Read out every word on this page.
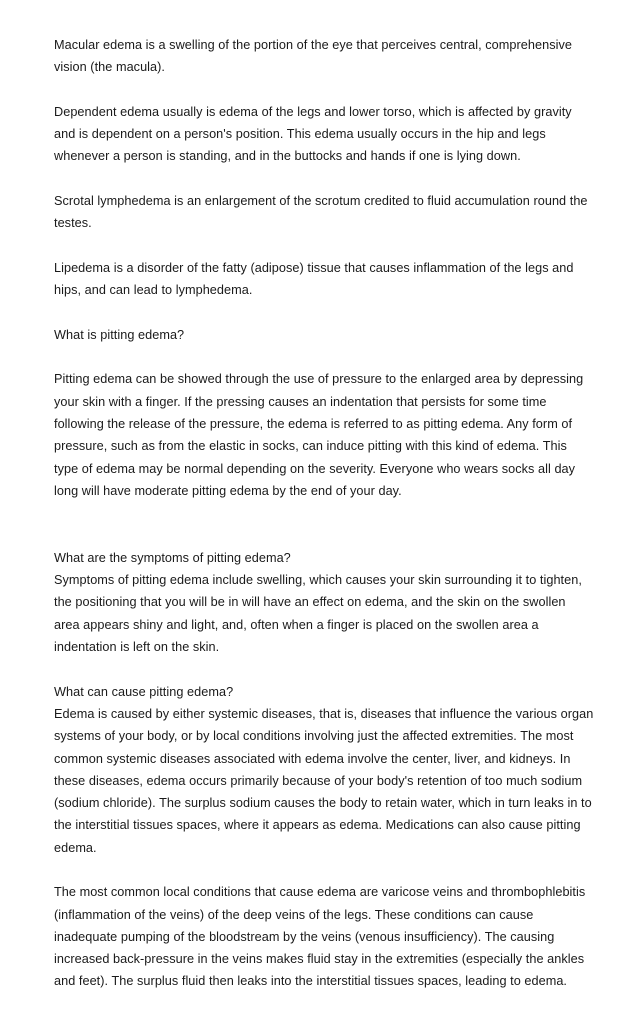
Macular edema is a swelling of the portion of the eye that perceives central, comprehensive vision (the macula).

Dependent edema usually is edema of the legs and lower torso, which is affected by gravity and is dependent on a person's position. This edema usually occurs in the hip and legs whenever a person is standing, and in the buttocks and hands if one is lying down.

Scrotal lymphedema is an enlargement of the scrotum credited to fluid accumulation round the testes.

Lipedema is a disorder of the fatty (adipose) tissue that causes inflammation of the legs and hips, and can lead to lymphedema.

What is pitting edema?

Pitting edema can be showed through the use of pressure to the enlarged area by depressing your skin with a finger. If the pressing causes an indentation that persists for some time following the release of the pressure, the edema is referred to as pitting edema. Any form of pressure, such as from the elastic in socks, can induce pitting with this kind of edema. This type of edema may be normal depending on the severity. Everyone who wears socks all day long will have moderate pitting edema by the end of your day.

What are the symptoms of pitting edema?

Symptoms of pitting edema include swelling, which causes your skin surrounding it to tighten, the positioning that you will be in will have an effect on edema, and the skin on the swollen area appears shiny and light, and, often when a finger is placed on the swollen area a indentation is left on the skin.

What can cause pitting edema?

Edema is caused by either systemic diseases, that is, diseases that influence the various organ systems of your body, or by local conditions involving just the affected extremities. The most common systemic diseases associated with edema involve the center, liver, and kidneys. In these diseases, edema occurs primarily because of your body's retention of too much sodium (sodium chloride). The surplus sodium causes the body to retain water, which in turn leaks in to the interstitial tissues spaces, where it appears as edema. Medications can also cause pitting edema.

The most common local conditions that cause edema are varicose veins and thrombophlebitis (inflammation of the veins) of the deep veins of the legs. These conditions can cause inadequate pumping of the bloodstream by the veins (venous insufficiency). The causing increased back-pressure in the veins makes fluid stay in the extremities (especially the ankles and feet). The surplus fluid then leaks into the interstitial tissues spaces, leading to edema.
